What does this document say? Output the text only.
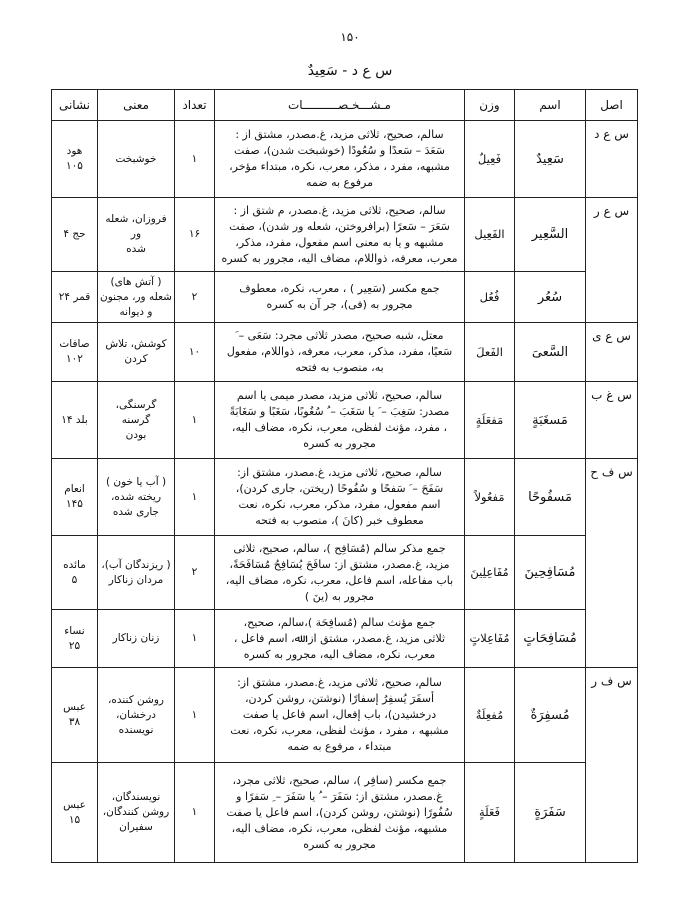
۱۵۰
س ع د - سَعِیدٌ
اصل	اسم	وزن	مـشـــخـصــــــــــات	تعداد	معنی	نشانی
س ع د	سَعِیدٌ	فَعِیلٌ	سالم، صحیح، ثلاثی مزید، غ.مصدر، مشتق از :
سَعَدَ – سَعدًا و سُعُودًا (خوشبخت شدن)، صفت
مشبهه، مفرد ، مذکر، معرب، نکره، مبتداء مؤخر،
مرفوع به ضمه	۱	خوشبخت	هود
۱۰۵
س ع ر	السَّعِیر	الفَعِیل	سالم، صحیح، ثلاثی مزید، غ.مصدر، م شتق از :
سَعَرَ – سَعرًا (برافروختن، شعله ور شدن)، صفت
مشبهه و یا به معنی اسم مفعول، مفرد، مذکر،
معرب، معرفه، ذواللام، مضاف الیه، مجرور به کسره	۱۶	فروزان، شعله ور
شده	حج ۴
	سُعُر	فُعُل	جمع مکسر (سَعِیر ) ، معرب، نکره، معطوف
مجرور به (فی)، جر آن به کسره	۲	( آتش های)
شعله ور، مجنون
و دیوانه	قمر ۲۴
س ع ی	السَّعیَ	الفَعلَ	معتل، شبه صحیح، مصدر ثلاثی مجرد: سَعَی – َ
سَعیًا، مفرد، مذکر، معرب، معرفه، ذواللام، مفعول
به، منصوب به فتحه	۱۰	کوشش، تلاش
کردن	صافات
۱۰۲
س غ ب	مَسغَبَةٍ	مَفعَلَةٍ	سالم، صحیح، ثلاثی مزید، مصدر میمی یا اسم
مصدر: سَغِبَ – َ یا سَغَبَ – ُ سُغُوبًا، سَغَبًا و سَغَابَةً
، مفرد، مؤنث لفظی، معرب، نکره، مضاف الیه،
مجرور به کسره	۱	گرسنگی، گرسنه
بودن	بلد ۱۴
س ف ح	مَسفُوحًا	مَفعُولاً	سالم، صحیح، ثلاثی مزید، غ.مصدر، مشتق از:
سَفَحَ – َ سَفحًا و سُفُوحًا (ریختن، جاری کردن)،
اسم مفعول، مفرد، مذکر، معرب، نکره، نعت
معطوف خبر (کانَ )، منصوب به فتحه	۱	( آب یا خون )
ریخته شده،
جاری شده	انعام
۱۴۵
	مُسَافِحِینَ	مُفَاعِلِینَ	جمع مذکر سالم (مُسَافِح )، سالم، صحیح، ثلاثی
مزید، غ.مصدر، مشتق از: سافَحَ یُسَافِحُ مُسَافَحَةً،
باب مفاعله، اسم فاعل، معرب، نکره، مضاف الیه،
مجرور به (ینَ )	۲	( ریزندگان آب)،
مردان زناکار	مائده
۵
	مُسَافِحَاتٍ	مُفَاعِلاتٍ	جمع مؤنث سالم (مُسافِحَة )،سالم، صحیح،
ثلاثی مزید، غ.مصدر، مشتق از: ﷲ، اسم فاعل ،
معرب، نکره، مضاف الیه، مجرور به کسره	۱	زنان زناکار	نساء
۲۵
س ف ر	مُسفِرَةٌ	مُفعِلَةٌ	سالم، صحیح، ثلاثی مزید، غ.مصدر، مشتق از:
أسفَرَ یُسفِرُ إسفارًا (نوشتن، روشن کردن،
درخشیدن)، باب إفعال، اسم فاعل یا صفت
مشبهه ، مفرد ، مؤنث لفظی، معرب، نکره، نعت
مبتداء ، مرفوع به ضمه	۱	روشن کننده،
درخشان،
نویسنده	عبس
۳۸
	سَفَرَةٍ	فَعَلَةٍ	جمع مکسر (سافِر )، سالم، صحیح، ثلاثی مجرد،
غ.مصدر، مشتق از: سَفَرَ – ُ یا سَفَرَ – ِ سَفرًا و
سُفُورًا (نوشتن، روشن کردن)، اسم فاعل یا صفت
مشبهه، مؤنث لفظی، معرب، نکره، مضاف الیه،
مجرور به کسره	۱	نویسندگان،
روشن کنندگان،
سفیران	عبس
۱۵
